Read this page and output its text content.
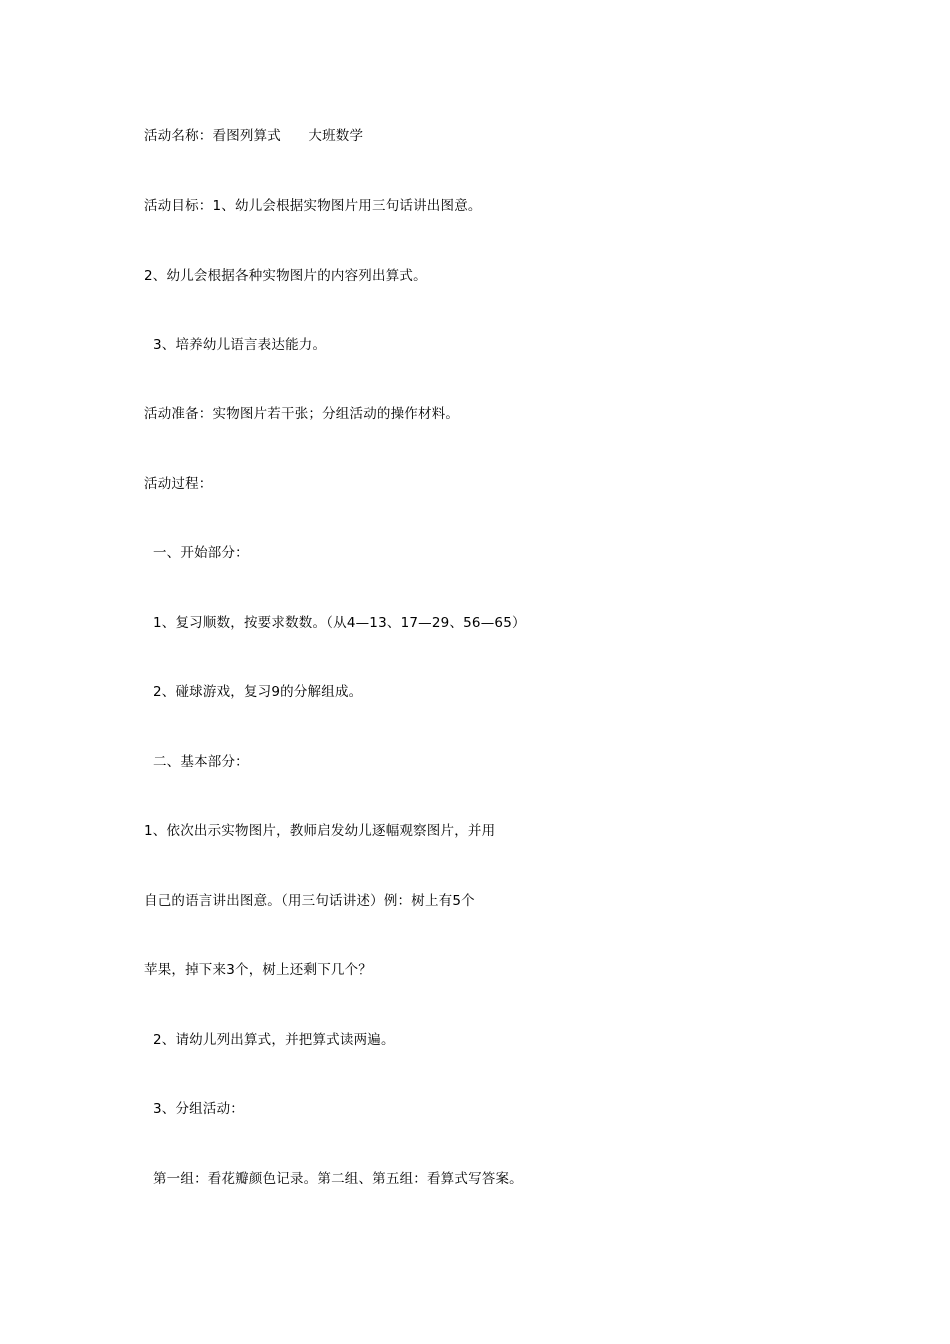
活动名称：看图列算式　　大班数学
活动目标：1、幼儿会根据实物图片用三句话讲出图意。
2、幼儿会根据各种实物图片的内容列出算式。
3、培养幼儿语言表达能力。
活动准备：实物图片若干张；分组活动的操作材料。
活动过程：
一、开始部分：
1、复习顺数，按要求数数。（从4—13、17—29、56—65）
2、碰球游戏，复习9的分解组成。
二、基本部分：
1、依次出示实物图片，教师启发幼儿逐幅观察图片，并用
自己的语言讲出图意。（用三句话讲述）例：树上有5个
苹果，掉下来3个，树上还剩下几个？
2、请幼儿列出算式，并把算式读两遍。
3、分组活动：
第一组：看花瓣颜色记录。第二组、第五组：看算式写答案。
